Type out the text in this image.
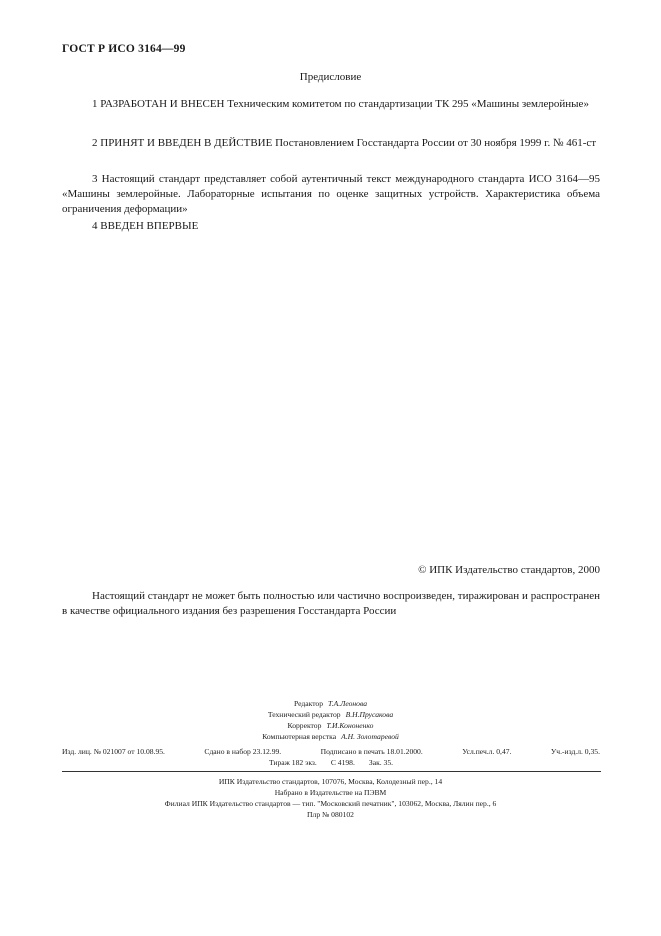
ГОСТ Р ИСО 3164—99
Предисловие
1 РАЗРАБОТАН И ВНЕСЕН Техническим комитетом по стандартизации ТК 295 «Машины землеройные»
2 ПРИНЯТ И ВВЕДЕН В ДЕЙСТВИЕ Постановлением Госстандарта России от 30 ноября 1999 г. № 461-ст
3 Настоящий стандарт представляет собой аутентичный текст международного стандарта ИСО 3164—95 «Машины землеройные. Лабораторные испытания по оценке защитных устройств. Характеристика объема ограничения деформации»
4 ВВЕДЕН ВПЕРВЫЕ
© ИПК Издательство стандартов, 2000
Настоящий стандарт не может быть полностью или частично воспроизведен, тиражирован и распространен в качестве официального издания без разрешения Госстандарта России
Редактор Т.А.Леонова
Технический редактор В.Н.Прусакова
Корректор Т.И.Кононенко
Компьютерная верстка А.Н. Золотаревой
Изд. лиц. № 021007 от 10.08.95.	Сдано в набор 23.12.99.	Подписано в печать 18.01.2000.	Усл.печ.л. 0,47.	Уч.-изд.л. 0,35.
Тираж 182 экз. С 4198. Зак. 35.
ИПК Издательство стандартов, 107076, Москва, Колодезный пер., 14
Набрано в Издательстве на ПЭВМ
Филиал ИПК Издательство стандартов — тип. "Московский печатник", 103062, Москва, Лялин пер., 6
Плр № 080102
